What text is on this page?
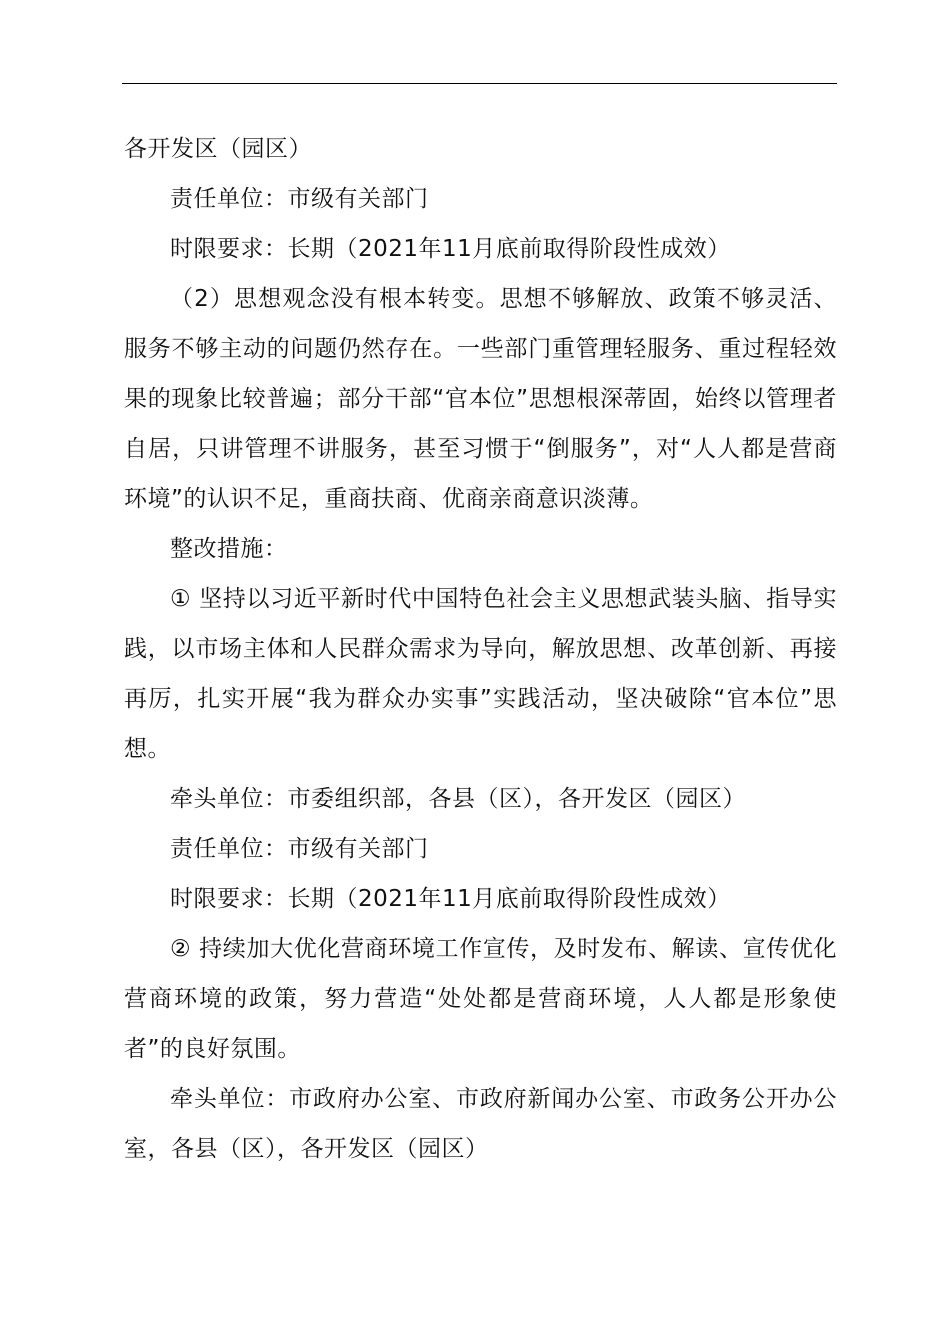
各开发区（园区）

责任单位：市级有关部门

时限要求：长期（2021年11月底前取得阶段性成效）

（2）思想观念没有根本转变。思想不够解放、政策不够灵活、服务不够主动的问题仍然存在。一些部门重管理轻服务、重过程轻效果的现象比较普遍；部分干部“官本位”思想根深蒂固，始终以管理者自居，只讲管理不讲服务，甚至习惯于“倒服务”，对“人人都是营商环境”的认识不足，重商扶商、优商亲商意识淡薄。

整改措施：

① 坚持以习近平新时代中国特色社会主义思想武装头脑、指导实践，以市场主体和人民群众需求为导向，解放思想、改革创新、再接再厉，扎实开展“我为群众办实事”实践活动，坚决破除“官本位”思想。

牵头单位：市委组织部，各县（区），各开发区（园区）

责任单位：市级有关部门

时限要求：长期（2021年11月底前取得阶段性成效）

② 持续加大优化营商环境工作宣传，及时发布、解读、宣传优化营商环境的政策，努力营造“处处都是营商环境，人人都是形象使者”的良好氛围。

牵头单位：市政府办公室、市政府新闻办公室、市政务公开办公室，各县（区），各开发区（园区）
